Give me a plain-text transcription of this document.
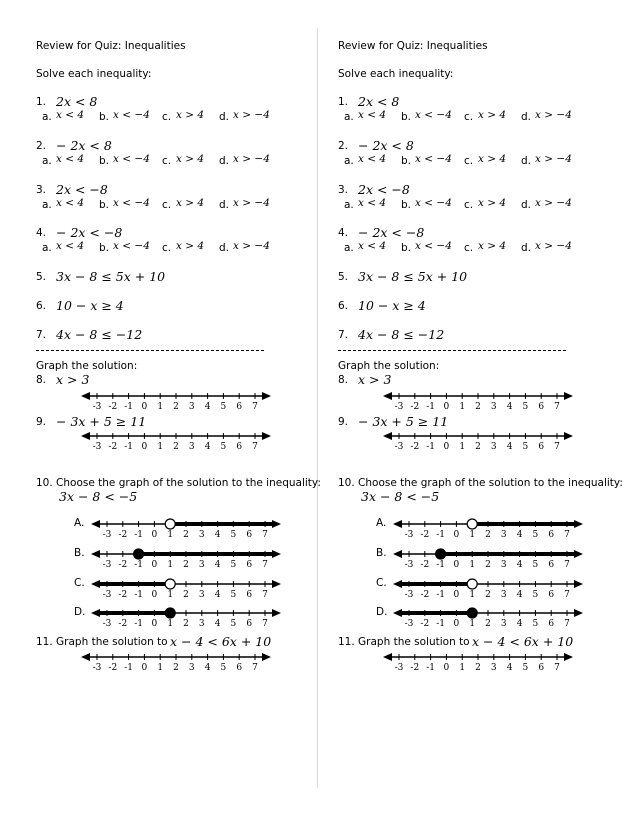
Review for Quiz: Inequalities
Solve each inequality:
1. 2x < 8
a. x < 4 b. x < −4 c. x > 4 d. x > −4
2. − 2x < 8
a. x < 4 b. x < −4 c. x > 4 d. x > −4
3. 2x < −8
a. x < 4 b. x < −4 c. x > 4 d. x > −4
4. − 2x < −8
a. x < 4 b. x < −4 c. x > 4 d. x > −4
5. 3x − 8 ≤ 5x + 10
6. 10 − x ≥ 4
7. 4x − 8 ≤ −12
Graph the solution:
8. x > 3
-3 -2 -1 0 1 2 3 4 5 6 7
9. − 3x + 5 ≥ 11
-3 -2 -1 0 1 2 3 4 5 6 7
10. Choose the graph of the solution to the inequality:
3x − 8 < −5
A.
-3 -2 -1 0 1 2 3 4 5 6 7
B.
-3 -2 -1 0 1 2 3 4 5 6 7
C.
-3 -2 -1 0 1 2 3 4 5 6 7
D.
-3 -2 -1 0 1 2 3 4 5 6 7
11. Graph the solution to x − 4 < 6x + 10
-3 -2 -1 0 1 2 3 4 5 6 7
Review for Quiz: Inequalities
Solve each inequality:
1. 2x < 8
a. x < 4 b. x < −4 c. x > 4 d. x > −4
2. − 2x < 8
a. x < 4 b. x < −4 c. x > 4 d. x > −4
3. 2x < −8
a. x < 4 b. x < −4 c. x > 4 d. x > −4
4. − 2x < −8
a. x < 4 b. x < −4 c. x > 4 d. x > −4
5. 3x − 8 ≤ 5x + 10
6. 10 − x ≥ 4
7. 4x − 8 ≤ −12
Graph the solution:
8. x > 3
-3 -2 -1 0 1 2 3 4 5 6 7
9. − 3x + 5 ≥ 11
-3 -2 -1 0 1 2 3 4 5 6 7
10. Choose the graph of the solution to the inequality:
3x − 8 < −5
A.
-3 -2 -1 0 1 2 3 4 5 6 7
B.
-3 -2 -1 0 1 2 3 4 5 6 7
C.
-3 -2 -1 0 1 2 3 4 5 6 7
D.
-3 -2 -1 0 1 2 3 4 5 6 7
11. Graph the solution to x − 4 < 6x + 10
-3 -2 -1 0 1 2 3 4 5 6 7
